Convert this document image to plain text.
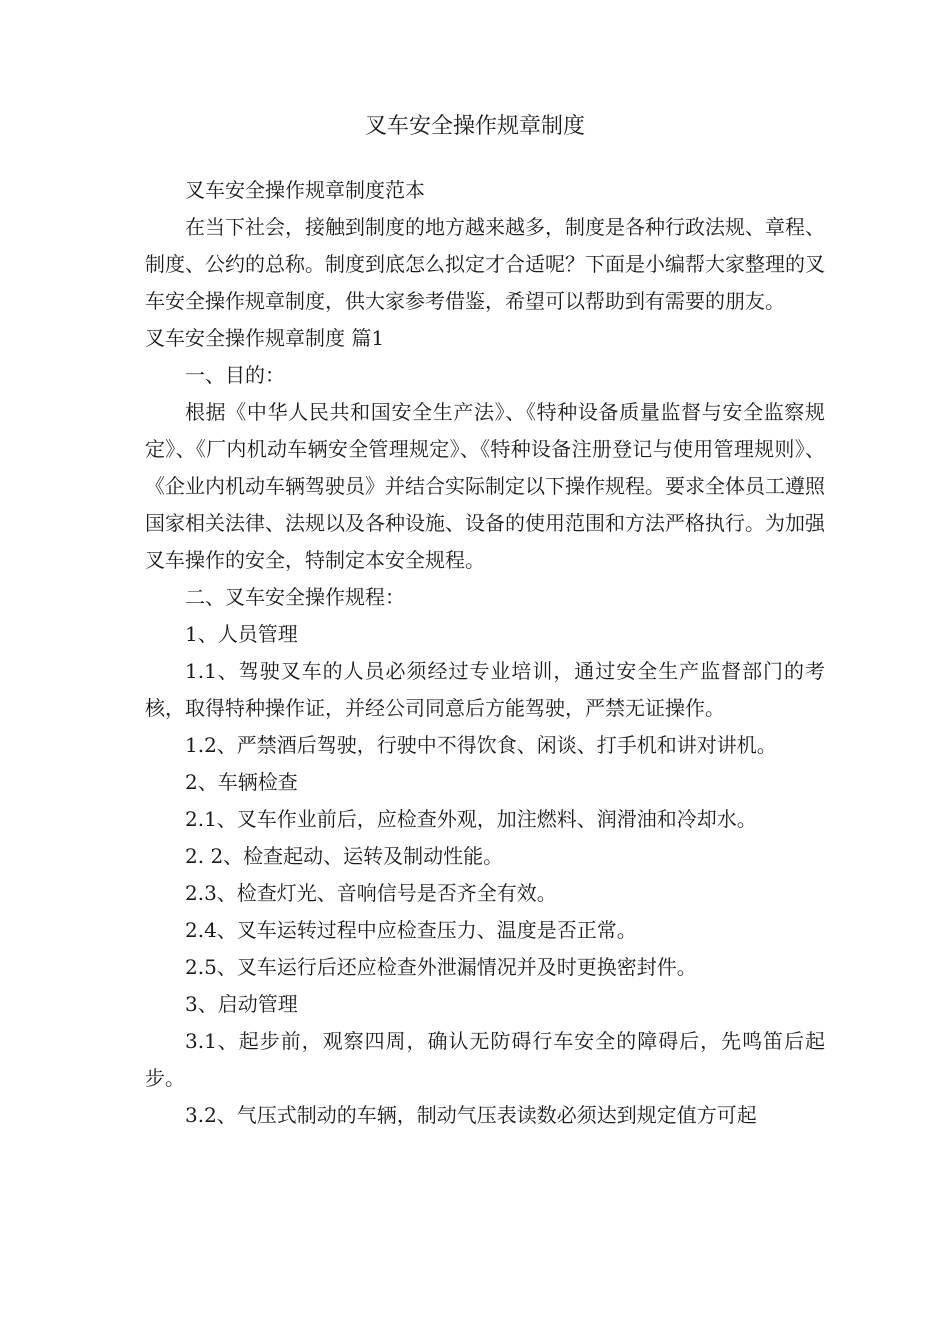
叉车安全操作规章制度

叉车安全操作规章制度范本

在当下社会，接触到制度的地方越来越多，制度是各种行政法规、章程、制度、公约的总称。制度到底怎么拟定才合适呢？下面是小编帮大家整理的叉车安全操作规章制度，供大家参考借鉴，希望可以帮助到有需要的朋友。

叉车安全操作规章制度 篇1

一、目的：

根据《中华人民共和国安全生产法》、《特种设备质量监督与安全监察规定》、《厂内机动车辆安全管理规定》、《特种设备注册登记与使用管理规则》、《企业内机动车辆驾驶员》并结合实际制定以下操作规程。要求全体员工遵照国家相关法律、法规以及各种设施、设备的使用范围和方法严格执行。为加强叉车操作的安全，特制定本安全规程。

二、叉车安全操作规程：

1、人员管理

1.1、驾驶叉车的人员必须经过专业培训，通过安全生产监督部门的考核，取得特种操作证，并经公司同意后方能驾驶，严禁无证操作。

1.2、严禁酒后驾驶，行驶中不得饮食、闲谈、打手机和讲对讲机。

2、车辆检查

2.1、叉车作业前后，应检查外观，加注燃料、润滑油和冷却水。

2. 2、检查起动、运转及制动性能。

2.3、检查灯光、音响信号是否齐全有效。

2.4、叉车运转过程中应检查压力、温度是否正常。

2.5、叉车运行后还应检查外泄漏情况并及时更换密封件。

3、启动管理

3.1、起步前，观察四周，确认无防碍行车安全的障碍后，先鸣笛后起步。

3.2、气压式制动的车辆，制动气压表读数必须达到规定值方可起
